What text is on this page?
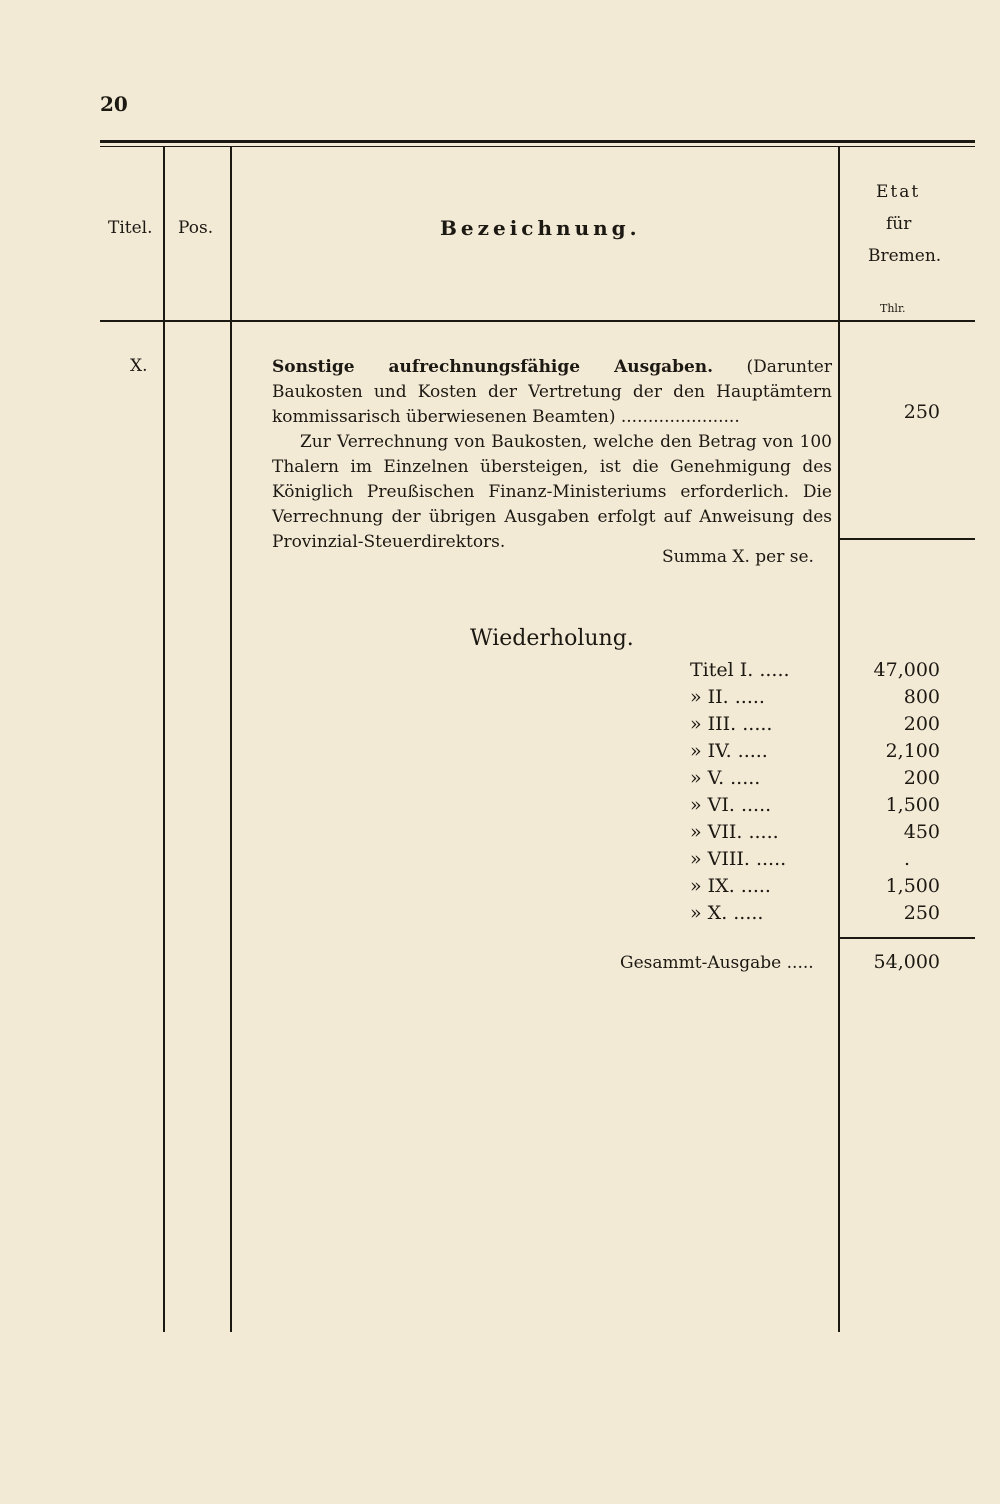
20
Titel. Pos.	Bezeichnung.
Etat
für
Bremen.
Thlr.
X.	Sonstige aufrechnungsfähige Ausgaben. (Darunter Baukosten und Kosten der Vertretung der den Hauptämtern kommissarisch überwiesenen Beamten) ......................	250
Zur Verrechnung von Baukosten, welche den Betrag von 100 Thalern im Einzelnen übersteigen, ist die Genehmigung des Königlich Preußischen Finanz-Ministeriums erforderlich. Die Verrechnung der übrigen Ausgaben erfolgt auf Anweisung des Provinzial-Steuerdirektors.
Summa X. per se.
Wiederholung.
Titel I. .....	47,000
» II. .....	800
» III. .....	200
» IV. .....	2,100
» V. .....	200
» VI. .....	1,500
» VII. .....	450
» VIII. .....	.
» IX. .....	1,500
» X. .....	250
Gesammt-Ausgabe .....	54,000
